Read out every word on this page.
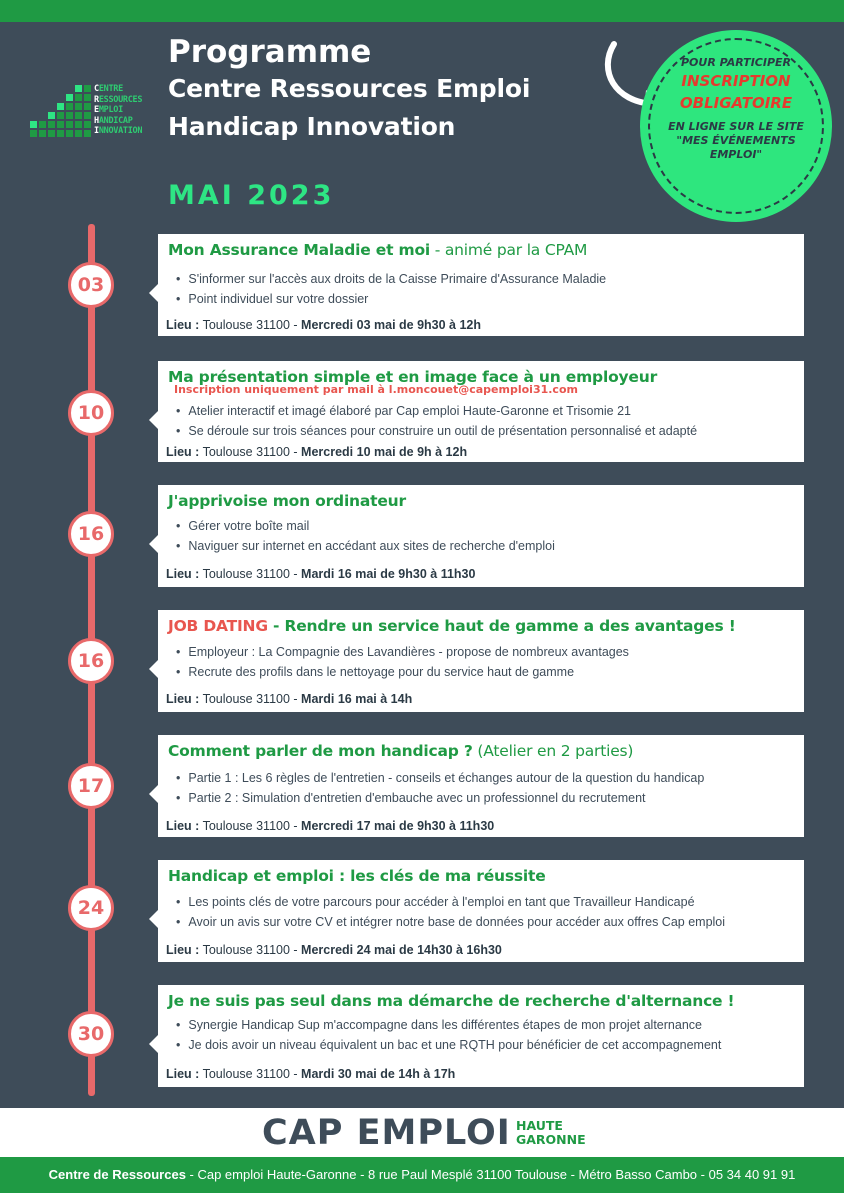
CENTRE
RESSOURCES
EMPLOI
HANDICAP
INNOVATION
Programme
Centre Ressources Emploi
Handicap Innovation
MAI 2023
POUR PARTICIPER
INSCRIPTION
OBLIGATOIRE
EN LIGNE SUR LE SITE
"MES ÉVÉNEMENTS
EMPLOI"
03
Mon Assurance Maladie et moi - animé par la CPAM
• S'informer sur l'accès aux droits de la Caisse Primaire d'Assurance Maladie
• Point individuel sur votre dossier
Lieu : Toulouse 31100 - Mercredi 03 mai de 9h30 à 12h
10
Ma présentation simple et en image face à un employeur
Inscription uniquement par mail à l.moncouet@capemploi31.com
• Atelier interactif et imagé élaboré par Cap emploi Haute-Garonne et Trisomie 21
• Se déroule sur trois séances pour construire un outil de présentation personnalisé et adapté
Lieu : Toulouse 31100 - Mercredi 10 mai de 9h à 12h
16
J'apprivoise mon ordinateur
• Gérer votre boîte mail
• Naviguer sur internet en accédant aux sites de recherche d'emploi
Lieu : Toulouse 31100 - Mardi 16 mai de 9h30 à 11h30
16
JOB DATING - Rendre un service haut de gamme a des avantages !
• Employeur : La Compagnie des Lavandières - propose de nombreux avantages
• Recrute des profils dans le nettoyage pour du service haut de gamme
Lieu : Toulouse 31100 - Mardi 16 mai à 14h
17
Comment parler de mon handicap ? (Atelier en 2 parties)
• Partie 1 : Les 6 règles de l'entretien - conseils et échanges autour de la question du handicap
• Partie 2 : Simulation d'entretien d'embauche avec un professionnel du recrutement
Lieu : Toulouse 31100 - Mercredi 17 mai de 9h30 à 11h30
24
Handicap et emploi : les clés de ma réussite
• Les points clés de votre parcours pour accéder à l'emploi en tant que Travailleur Handicapé
• Avoir un avis sur votre CV et intégrer notre base de données pour accéder aux offres Cap emploi
Lieu : Toulouse 31100 - Mercredi 24 mai de 14h30 à 16h30
30
Je ne suis pas seul dans ma démarche de recherche d'alternance !
• Synergie Handicap Sup m'accompagne dans les différentes étapes de mon projet alternance
• Je dois avoir un niveau équivalent un bac et une RQTH pour bénéficier de cet accompagnement
Lieu : Toulouse 31100 - Mardi 30 mai de 14h à 17h
CAP EMPLOI HAUTE
GARONNE
Centre de Ressources - Cap emploi Haute-Garonne - 8 rue Paul Mesplé 31100 Toulouse - Métro Basso Cambo - 05 34 40 91 91
